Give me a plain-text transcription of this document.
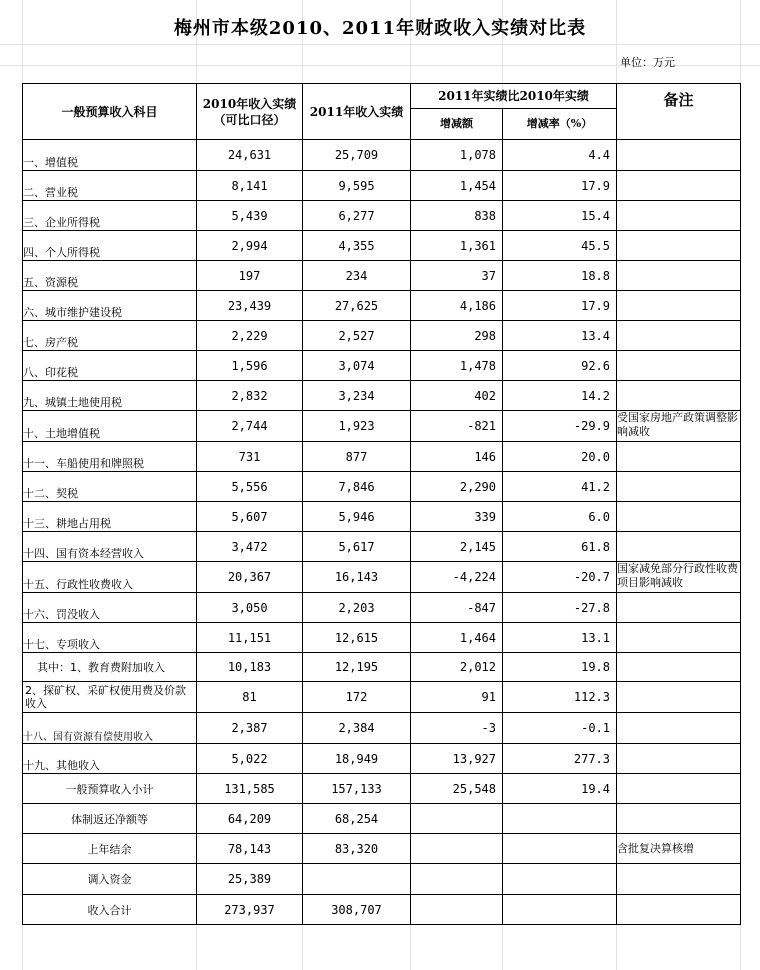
梅州市本级2010、2011年财政收入实绩对比表
单位：万元
一般预算收入科目	2010年收入实绩
（可比口径）	2011年收入实绩	2011年实绩比2010年实绩		备注
			增减额	增减率（%）	
一、增值税	24,631	25,709	1,078	4.4	
二、营业税	8,141	9,595	1,454	17.9	
三、企业所得税	5,439	6,277	838	15.4	
四、个人所得税	2,994	4,355	1,361	45.5	
五、资源税	197	234	37	18.8	
六、城市维护建设税	23,439	27,625	4,186	17.9	
七、房产税	2,229	2,527	298	13.4	
八、印花税	1,596	3,074	1,478	92.6	
九、城镇土地使用税	2,832	3,234	402	14.2	
十、土地增值税	2,744	1,923	-821	-29.9	受国家房地产政策调整影响减收
十一、车船使用和牌照税	731	877	146	20.0	
十二、契税	5,556	7,846	2,290	41.2	
十三、耕地占用税	5,607	5,946	339	6.0	
十四、国有资本经营收入	3,472	5,617	2,145	61.8	
十五、行政性收费收入	20,367	16,143	-4,224	-20.7	国家减免部分行政性收费项目影响减收
十六、罚没收入	3,050	2,203	-847	-27.8	
十七、专项收入	11,151	12,615	1,464	13.1	
其中：1、教育费附加收入	10,183	12,195	2,012	19.8	
2、探矿权、采矿权使用费及价款收入	81	172	91	112.3	
十八、国有资源有偿使用收入	2,387	2,384	-3	-0.1	
十九、其他收入	5,022	18,949	13,927	277.3	
一般预算收入小计	131,585	157,133	25,548	19.4	
体制返还净额等	64,209	68,254			
上年结余	78,143	83,320			含批复决算核增
调入资金	25,389				
收入合计	273,937	308,707			
